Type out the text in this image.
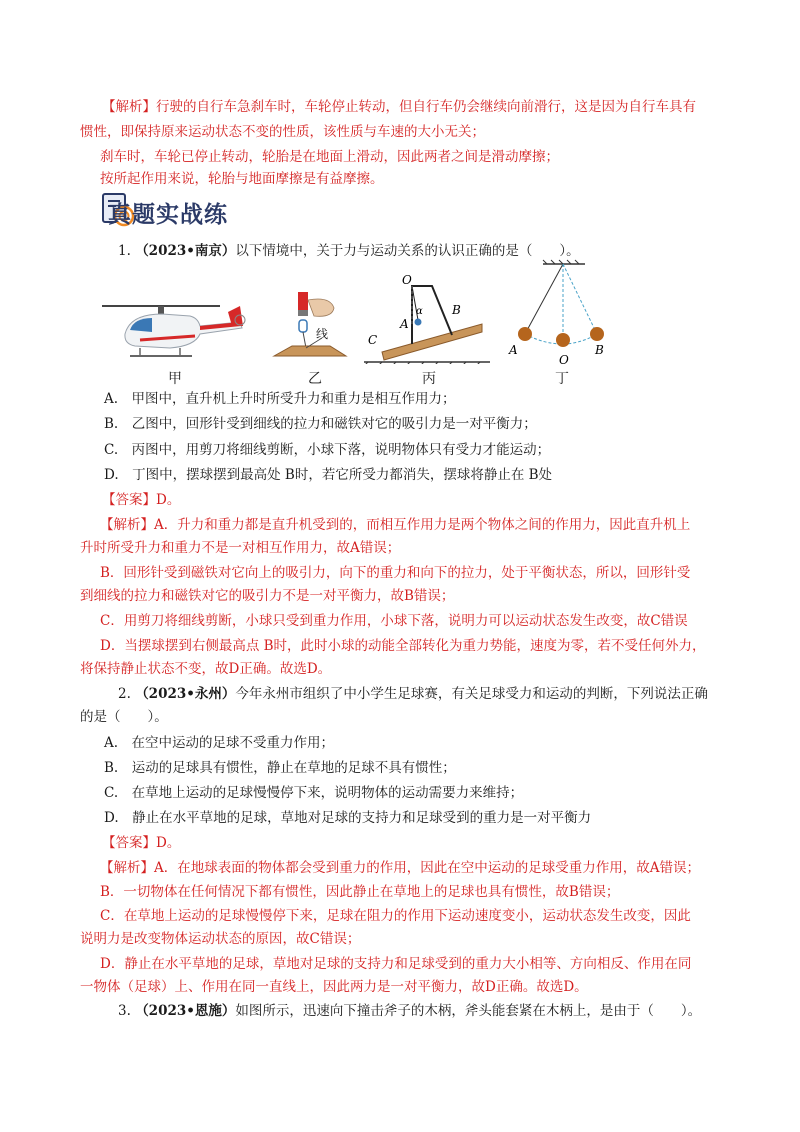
【解析】行驶的自行车急刹车时，车轮停止转动，但自行车仍会继续向前滑行，这是因为自行车具有
惯性，即保持原来运动状态不变的性质，该性质与车速的大小无关；
刹车时，车轮已停止转动，轮胎是在地面上滑动，因此两者之间是滑动摩擦；
按所起作用来说，轮胎与地面摩擦是有益摩擦。
真题实战练
1. （2023•南京）以下情境中，关于力与运动关系的认识正确的是（　　）。
线
O
A
B
C
α
A
O
B
甲	乙	丙	丁
A.　甲图中，直升机上升时所受升力和重力是相互作用力；
B.　乙图中，回形针受到细线的拉力和磁铁对它的吸引力是一对平衡力；
C.　丙图中，用剪刀将细线剪断，小球下落，说明物体只有受力才能运动；
D.　丁图中，摆球摆到最高处 B时，若它所受力都消失，摆球将静止在 B处
【答案】D。
【解析】A．升力和重力都是直升机受到的，而相互作用力是两个物体之间的作用力，因此直升机上
升时所受升力和重力不是一对相互作用力，故A错误；
B．回形针受到磁铁对它向上的吸引力，向下的重力和向下的拉力，处于平衡状态，所以，回形针受
到细线的拉力和磁铁对它的吸引力不是一对平衡力，故B错误；
C．用剪刀将细线剪断，小球只受到重力作用，小球下落，说明力可以运动状态发生改变，故C错误
D．当摆球摆到右侧最高点 B时，此时小球的动能全部转化为重力势能，速度为零，若不受任何外力，
将保持静止状态不变，故D正确。故选D。
2. （2023•永州）今年永州市组织了中小学生足球赛，有关足球受力和运动的判断，下列说法正确
的是（　　）。
A.　在空中运动的足球不受重力作用；
B.　运动的足球具有惯性，静止在草地的足球不具有惯性；
C.　在草地上运动的足球慢慢停下来，说明物体的运动需要力来维持；
D.　静止在水平草地的足球，草地对足球的支持力和足球受到的重力是一对平衡力
【答案】D。
【解析】A．在地球表面的物体都会受到重力的作用，因此在空中运动的足球受重力作用，故A错误；
B．一切物体在任何情况下都有惯性，因此静止在草地上的足球也具有惯性，故B错误；
C．在草地上运动的足球慢慢停下来，足球在阻力的作用下运动速度变小，运动状态发生改变，因此
说明力是改变物体运动状态的原因，故C错误；
D．静止在水平草地的足球，草地对足球的支持力和足球受到的重力大小相等、方向相反、作用在同
一物体（足球）上、作用在同一直线上，因此两力是一对平衡力，故D正确。故选D。
3. （2023•恩施）如图所示，迅速向下撞击斧子的木柄，斧头能套紧在木柄上，是由于（　　）。
